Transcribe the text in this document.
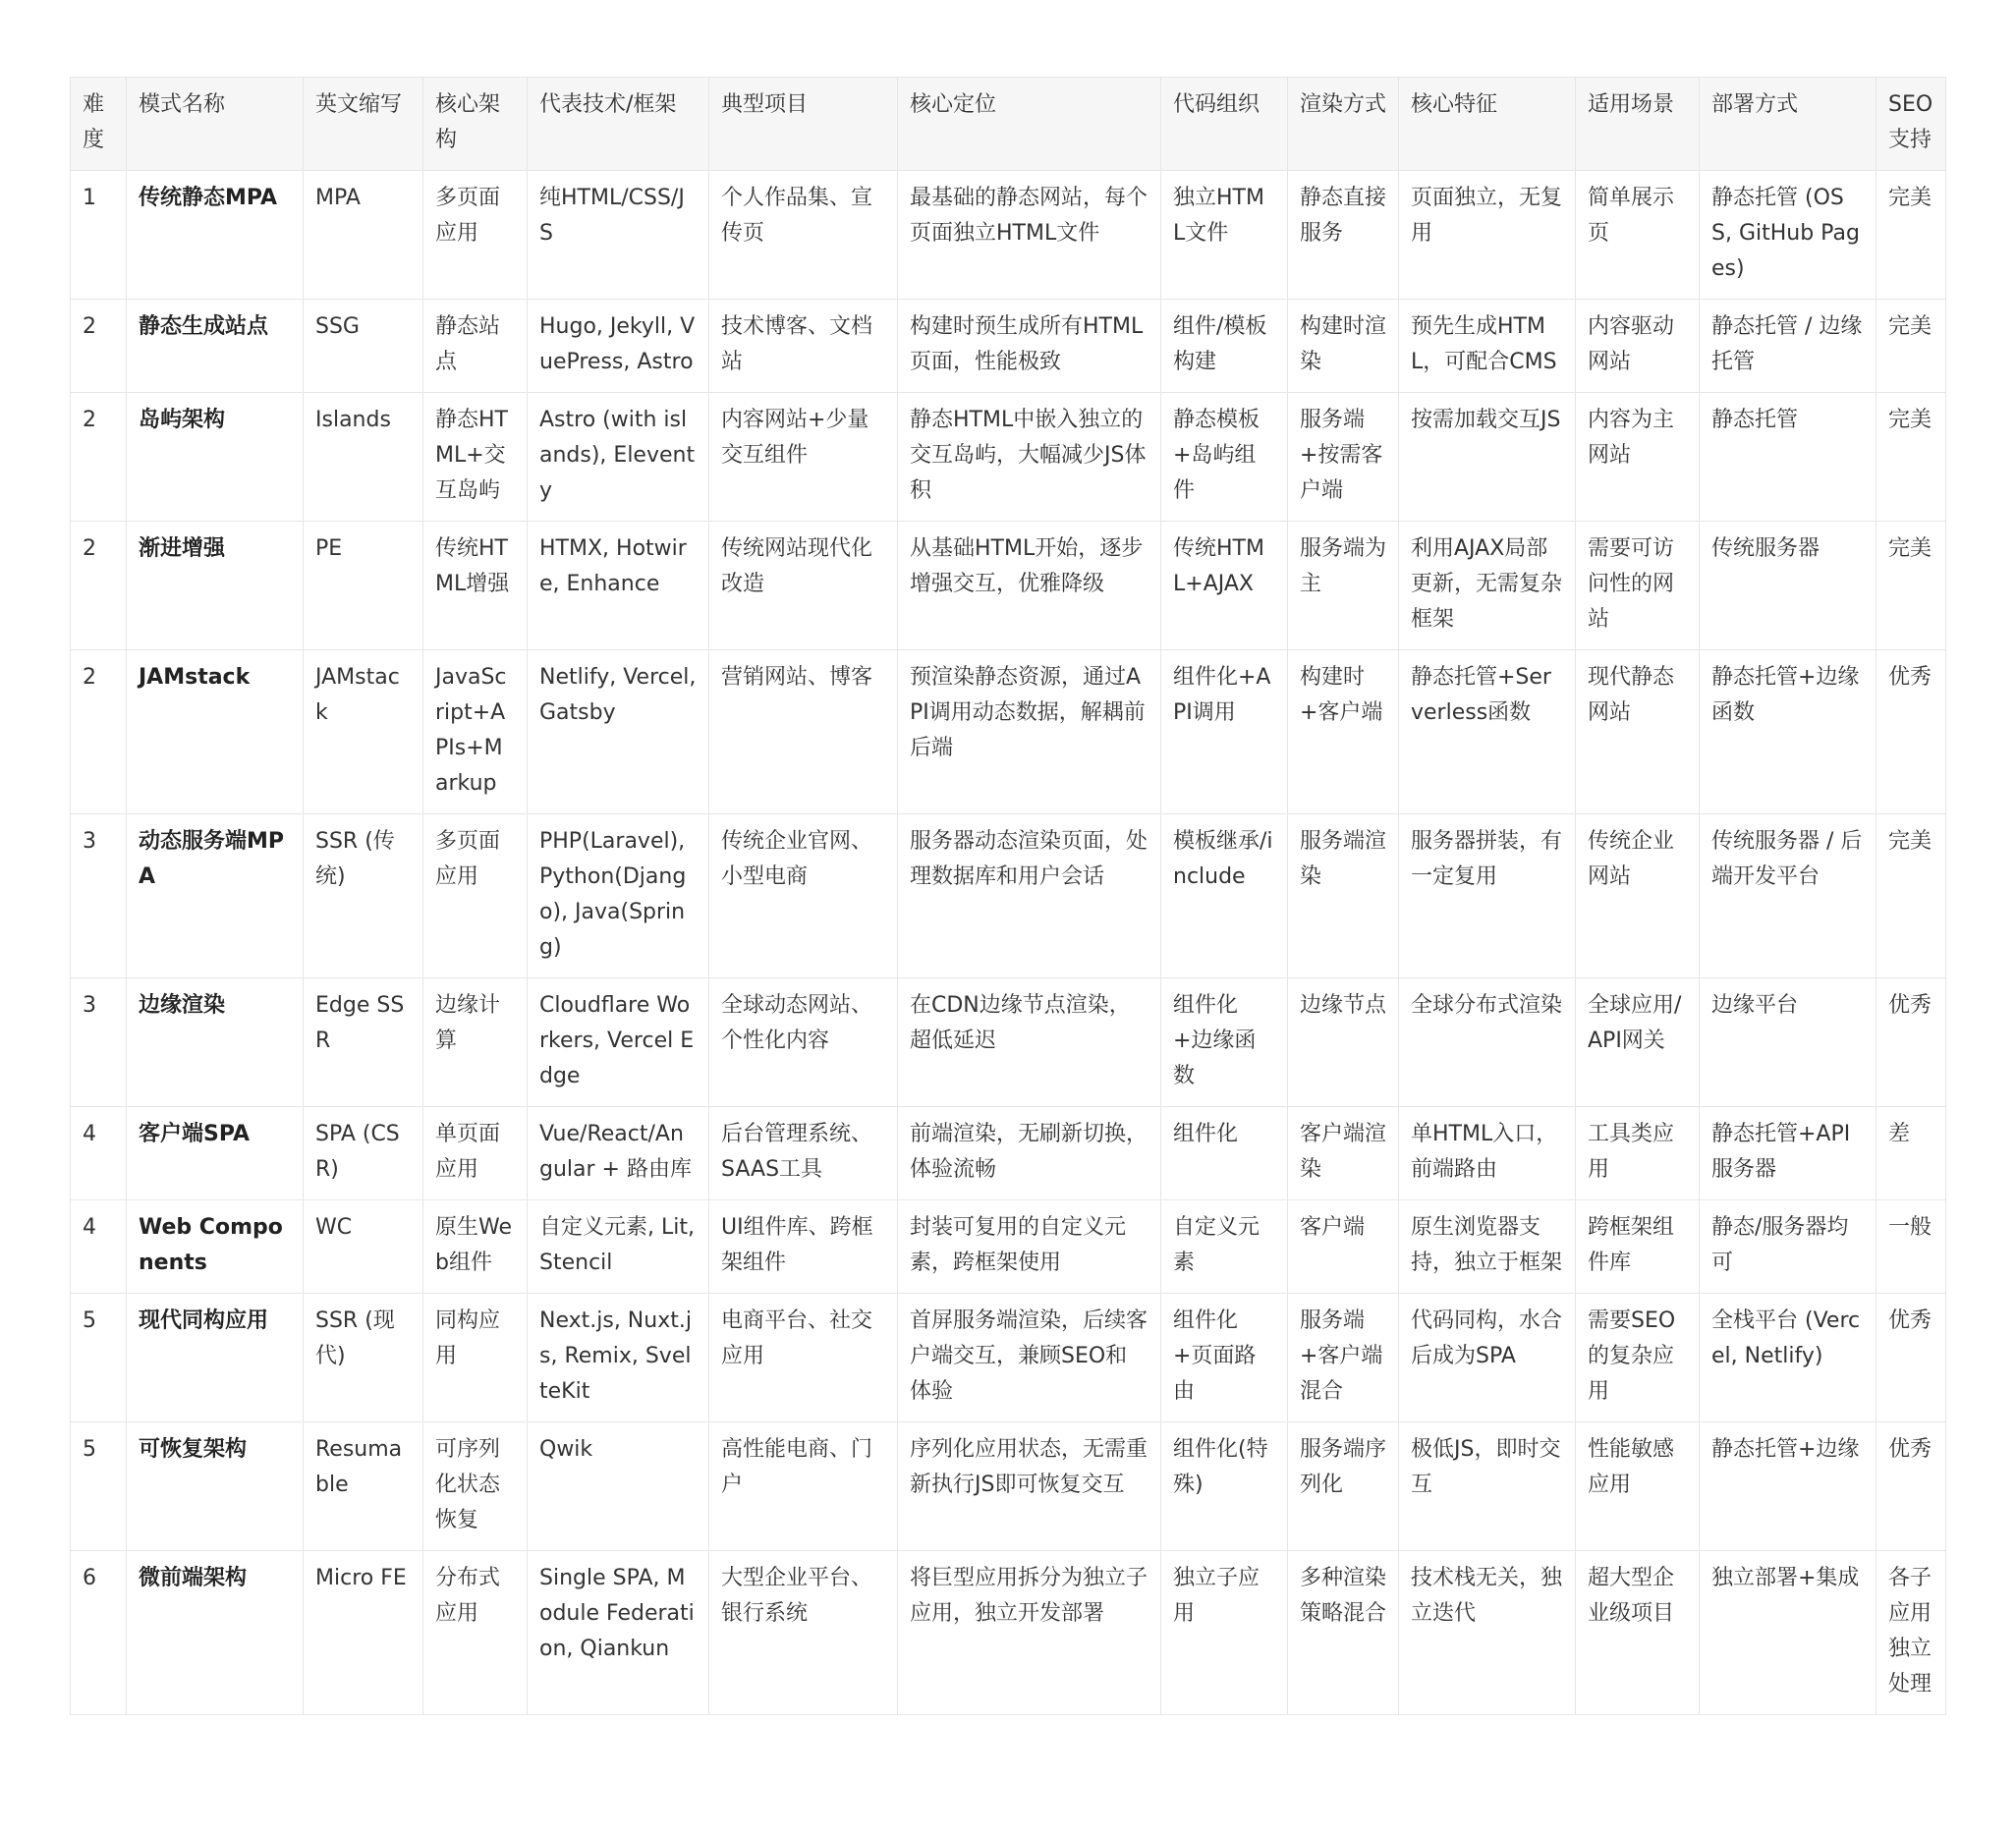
难度	模式名称	英文缩写	核心架构	代表技术/框架	典型项目	核心定位	代码组织	渲染方式	核心特征	适用场景	部署方式	SEO支持
1	传统静态MPA	MPA	多页面应用	纯HTML/CSS/JS	个人作品集、宣传页	最基础的静态网站，每个页面独立HTML文件	独立HTML文件	静态直接服务	页面独立，无复用	简单展示页	静态托管 (OSS, GitHub Pages)	完美
2	静态生成站点	SSG	静态站点	Hugo, Jekyll, VuePress, Astro	技术博客、文档站	构建时预生成所有HTML页面，性能极致	组件/模板构建	构建时渲染	预先生成HTML，可配合CMS	内容驱动网站	静态托管 / 边缘托管	完美
2	岛屿架构	Islands	静态HTML+交互岛屿	Astro (with islands), Eleventy	内容网站+少量交互组件	静态HTML中嵌入独立的交互岛屿，大幅减少JS体积	静态模板+岛屿组件	服务端+按需客户端	按需加载交互JS	内容为主网站	静态托管	完美
2	渐进增强	PE	传统HTML增强	HTMX, Hotwire, Enhance	传统网站现代化改造	从基础HTML开始，逐步增强交互，优雅降级	传统HTML+AJAX	服务端为主	利用AJAX局部更新，无需复杂框架	需要可访问性的网站	传统服务器	完美
2	JAMstack	JAMstack	JavaScript+APIs+Markup	Netlify, Vercel, Gatsby	营销网站、博客	预渲染静态资源，通过API调用动态数据，解耦前后端	组件化+API调用	构建时+客户端	静态托管+Serverless函数	现代静态网站	静态托管+边缘函数	优秀
3	动态服务端MPA	SSR (传统)	多页面应用	PHP(Laravel), Python(Django), Java(Spring)	传统企业官网、小型电商	服务器动态渲染页面，处理数据库和用户会话	模板继承/include	服务端渲染	服务器拼装，有一定复用	传统企业网站	传统服务器 / 后端开发平台	完美
3	边缘渲染	Edge SSR	边缘计算	Cloudflare Workers, Vercel Edge	全球动态网站、个性化内容	在CDN边缘节点渲染，超低延迟	组件化+边缘函数	边缘节点	全球分布式渲染	全球应用/API网关	边缘平台	优秀
4	客户端SPA	SPA (CSR)	单页面应用	Vue/React/Angular + 路由库	后台管理系统、SAAS工具	前端渲染，无刷新切换，体验流畅	组件化	客户端渲染	单HTML入口，前端路由	工具类应用	静态托管+API服务器	差
4	Web Components	WC	原生Web组件	自定义元素, Lit, Stencil	UI组件库、跨框架组件	封装可复用的自定义元素，跨框架使用	自定义元素	客户端	原生浏览器支持，独立于框架	跨框架组件库	静态/服务器均可	一般
5	现代同构应用	SSR (现代)	同构应用	Next.js, Nuxt.js, Remix, SvelteKit	电商平台、社交应用	首屏服务端渲染，后续客户端交互，兼顾SEO和体验	组件化+页面路由	服务端+客户端混合	代码同构，水合后成为SPA	需要SEO的复杂应用	全栈平台 (Vercel, Netlify)	优秀
5	可恢复架构	Resumable	可序列化状态恢复	Qwik	高性能电商、门户	序列化应用状态，无需重新执行JS即可恢复交互	组件化(特殊)	服务端序列化	极低JS，即时交互	性能敏感应用	静态托管+边缘	优秀
6	微前端架构	Micro FE	分布式应用	Single SPA, Module Federation, Qiankun	大型企业平台、银行系统	将巨型应用拆分为独立子应用，独立开发部署	独立子应用	多种渲染策略混合	技术栈无关，独立迭代	超大型企业级项目	独立部署+集成	各子应用独立处理
